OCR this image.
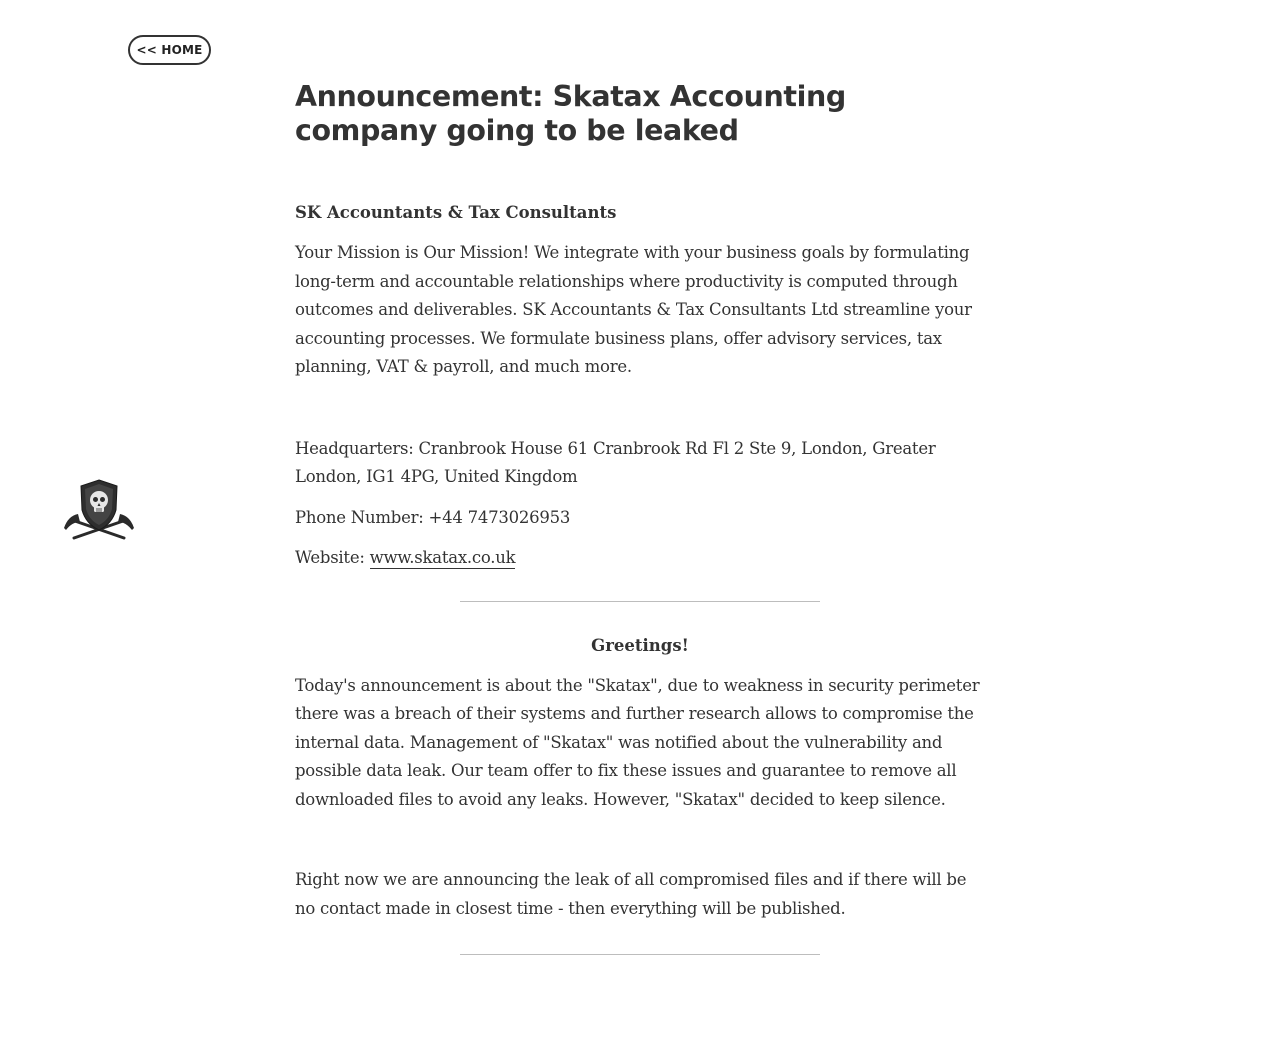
<< HOME
Announcement: Skatax Accounting company going to be leaked
SK Accountants & Tax Consultants

Your Mission is Our Mission! We integrate with your business goals by formulating long-term and accountable relationships where productivity is computed through outcomes and deliverables. SK Accountants & Tax Consultants Ltd streamline your accounting processes. We formulate business plans, offer advisory services, tax planning, VAT & payroll, and much more.

Headquarters: Cranbrook House 61 Cranbrook Rd Fl 2 Ste 9, London, Greater London, IG1 4PG, United Kingdom

Phone Number: +44 7473026953

Website: www.skatax.co.uk

Greetings!

Today's announcement is about the "Skatax", due to weakness in security perimeter there was a breach of their systems and further research allows to compromise the internal data. Management of "Skatax" was notified about the vulnerability and possible data leak. Our team offer to fix these issues and guarantee to remove all downloaded files to avoid any leaks. However, "Skatax" decided to keep silence.

Right now we are announcing the leak of all compromised files and if there will be no contact made in closest time - then everything will be published.
